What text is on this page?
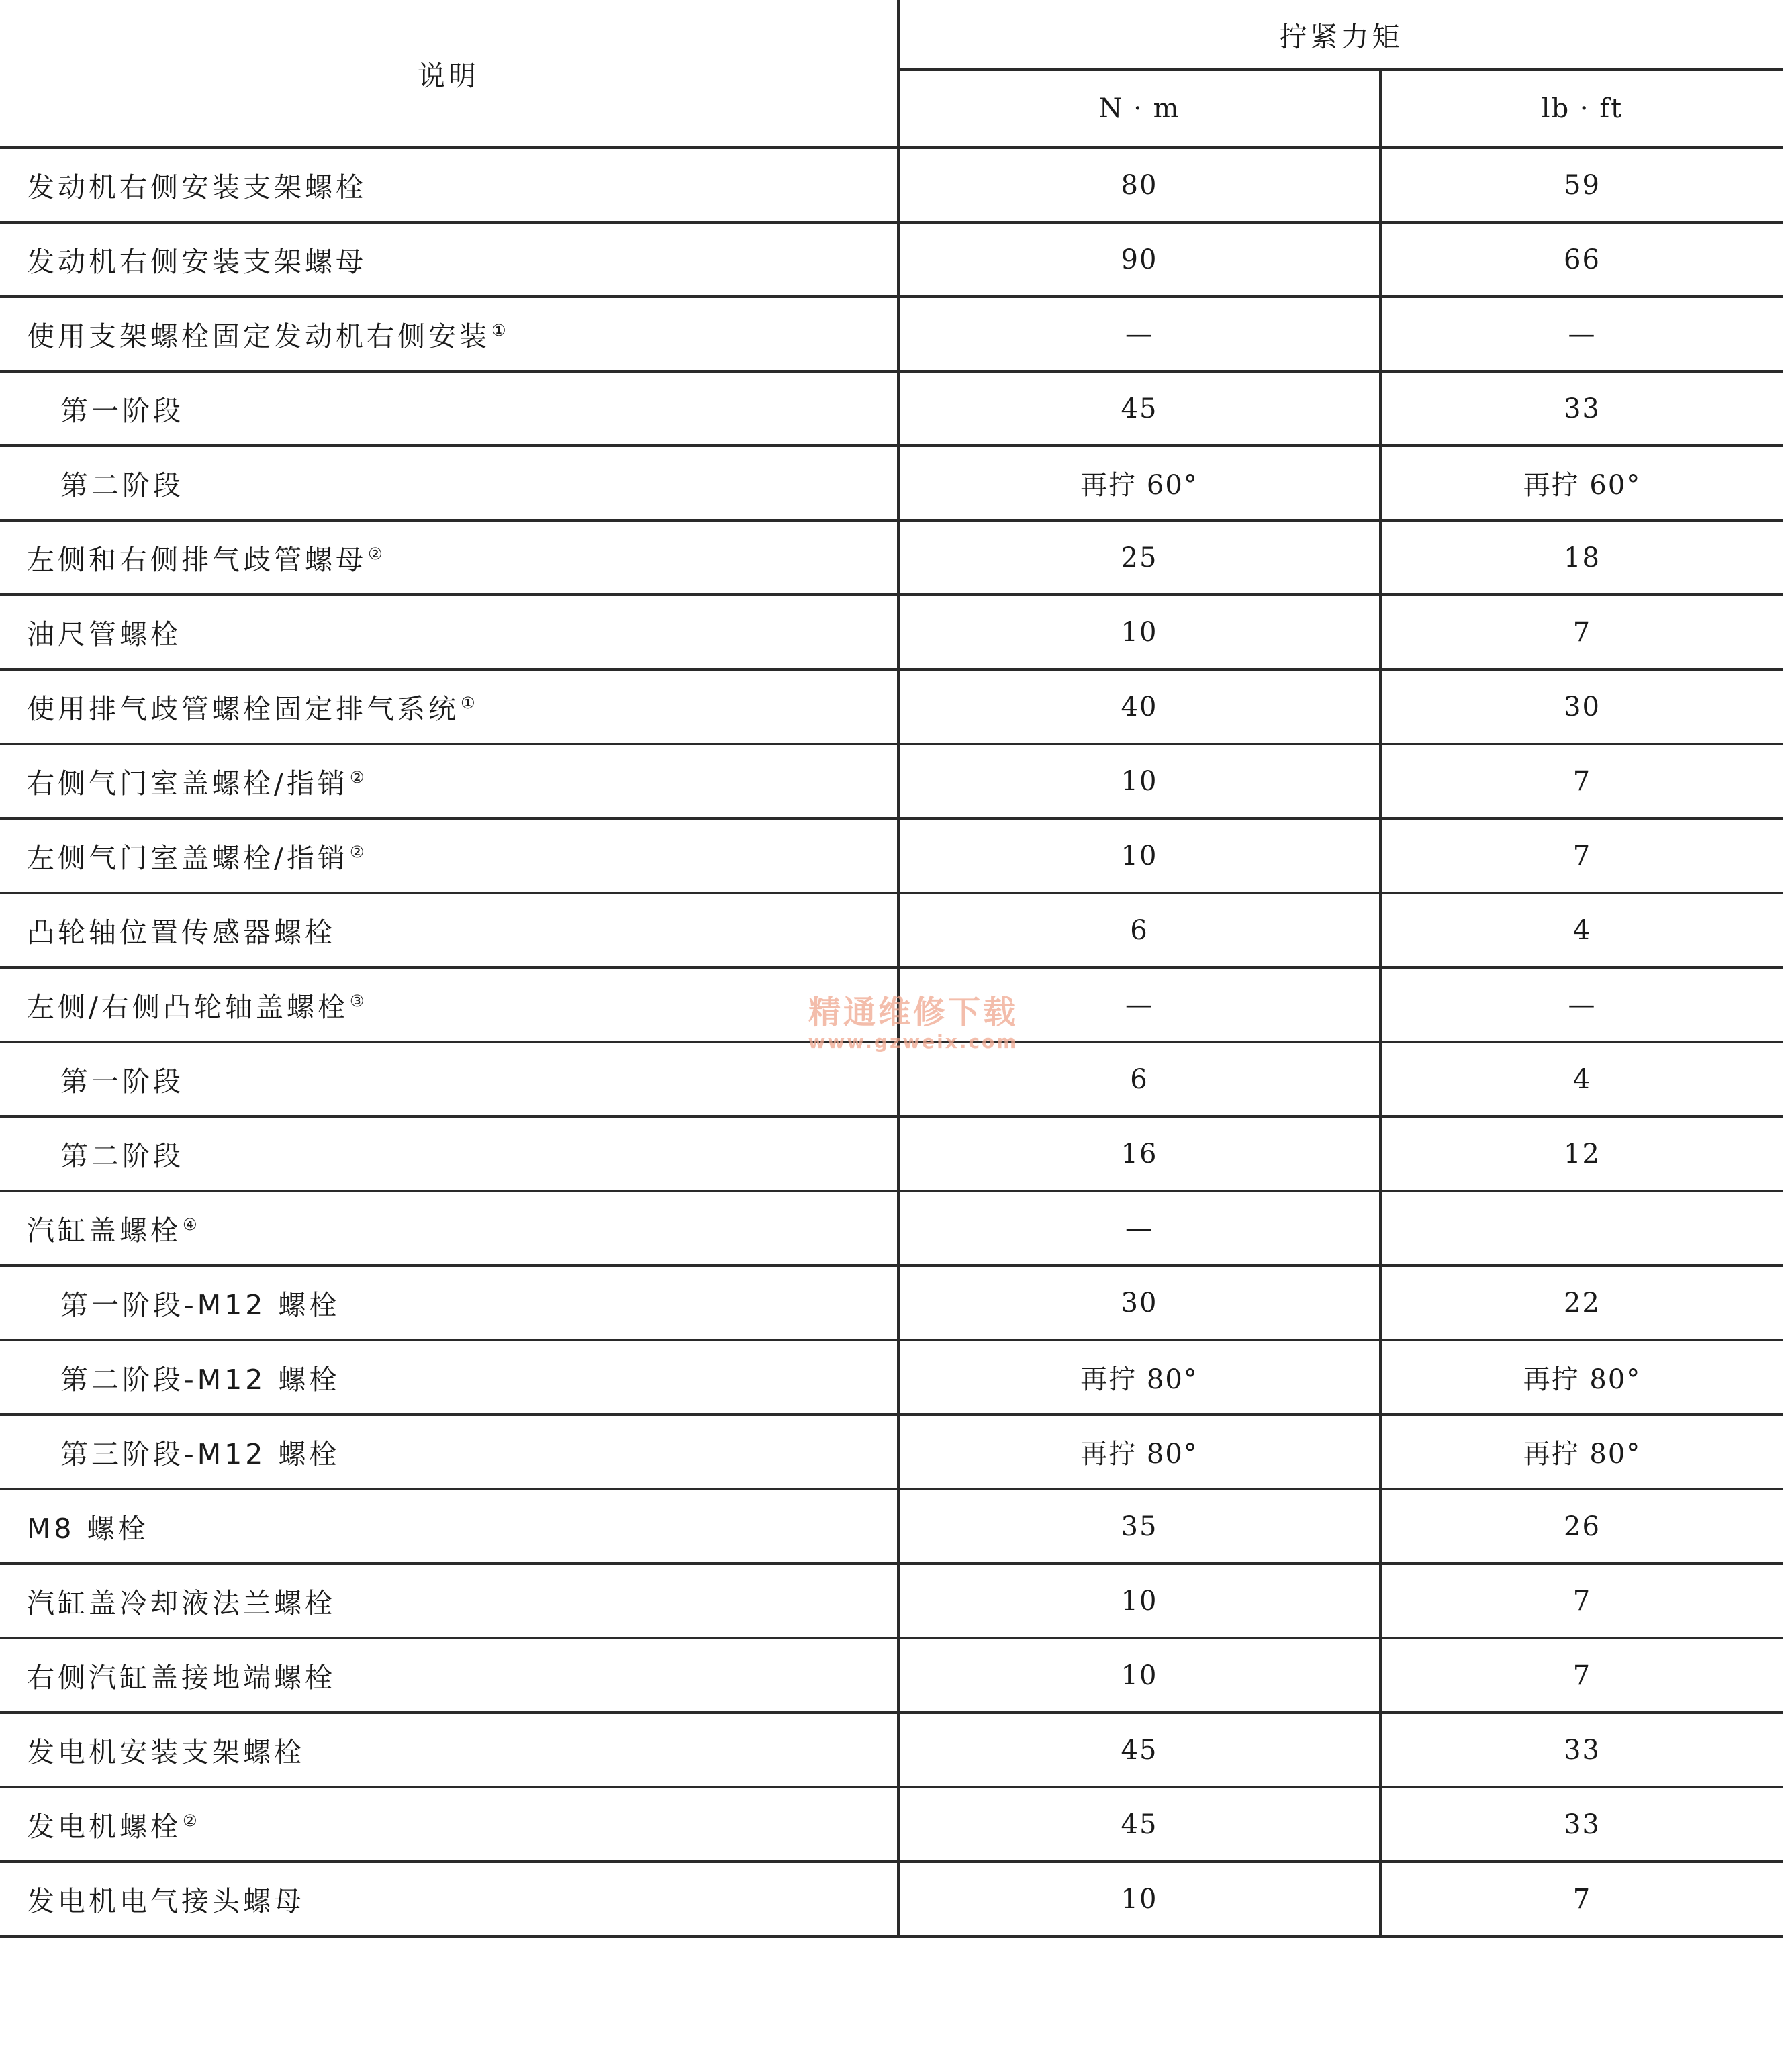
说明	拧紧力矩	
	N · m	lb · ft
发动机右侧安装支架螺栓	80	59
发动机右侧安装支架螺母	90	66
使用支架螺栓固定发动机右侧安装①	—	—
第一阶段	45	33
第二阶段	再拧 60°	再拧 60°
左侧和右侧排气歧管螺母②	25	18
油尺管螺栓	10	7
使用排气歧管螺栓固定排气系统①	40	30
右侧气门室盖螺栓/指销②	10	7
左侧气门室盖螺栓/指销②	10	7
凸轮轴位置传感器螺栓	6	4
左侧/右侧凸轮轴盖螺栓③	—	—
第一阶段	6	4
第二阶段	16	12
汽缸盖螺栓④	—	
第一阶段-M12 螺栓	30	22
第二阶段-M12 螺栓	再拧 80°	再拧 80°
第三阶段-M12 螺栓	再拧 80°	再拧 80°
M8 螺栓	35	26
汽缸盖冷却液法兰螺栓	10	7
右侧汽缸盖接地端螺栓	10	7
发电机安装支架螺栓	45	33
发电机螺栓②	45	33
发电机电气接头螺母	10	7
精通维修下载
www.gzweix.com
